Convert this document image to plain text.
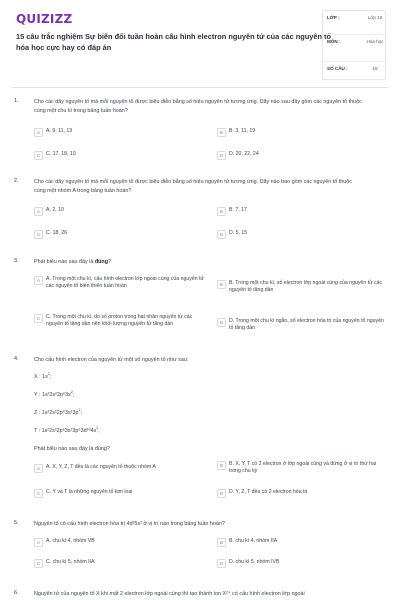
QUIZIZZ
15 câu trắc nghiệm Sự biến đổi tuần hoàn cấu hình electron nguyên tử của các nguyên tố hóa học cực hay có đáp án
LỚP :	Lớp 10
MÔN :	Hóa học
SỐ CÂU :	15
1.	Cho các dãy nguyên tố mà mỗi nguyên tố được biểu diễn bằng số hiệu nguyên tử tương ứng. Dãy nào sau đây gồm các nguyên tố thuộc cùng một chu kì trong bảng tuần hoàn?
A	A. 9, 11, 13	B	B. 3, 11, 19
C	C. 17, 18, 19	D	D. 20, 22, 24
2.	Cho các dãy nguyên tố mà mỗi nguyên tố được biểu diễn bằng số hiệu nguyên tử tương ứng. Dãy nào bao gồm các nguyên tố thuộc cùng một nhóm A trong bảng tuần hoàn?
A	A. 2, 10	B	B. 7, 17
C	C. 18, 26	D	D. 5, 15
3.	Phát biểu nào sau đây là đúng?
A	A. Trong một chu kì, cấu hình electron lớp ngoài cùng của nguyên tử các nguyên tố biến thiên tuần hoàn	B	B. Trong một chu kì, số electron lớp ngoài cùng của nguyên tử các nguyên tố tăng dần
C	C. Trong một chu kì, do số proton trong hạt nhân nguyên tử các nguyên tố tăng dần nên khối lượng nguyên tử tăng dần	D	D. Trong một chu kì ngắn, số electron hóa trị của nguyên tố nguyên tố tăng dần
4.	Cho cấu hình electron của nguyên tử một số nguyên tố như sau:
X : $1s^2$;
Y : $1s^22s^22p^63s^2$;
Z : $1s^22s^22p^63s^23p^2$;
T : $1s^22s^22p^63s^23p^63d^{10}4s^2$;
Phát biểu nào sau đây là đúng?
A	A. X, Y, Z, T đều là các nguyên tố thuộc nhóm A	B	B. X, Y, T có 2 electron ở lớp ngoài cùng và đứng ở vị trí thứ hai trong chu kỳ
C	C. Y và T là những nguyên tố kim loại	D	D. Y, Z, T đều có 2 electron hóa trị
5.	Nguyên tố có cấu hình electron hóa trị 4d²5s² ở vị trí nào trong bảng tuần hoàn?
A	A. chu kì 4, nhóm VB	B	B. chu kì 4, nhóm IIA
C	C. chu kì 5, nhóm IIA	D	D. chu kì 5, nhóm IVB
6.	Nguyên tử của nguyên tố X khi mất 2 electron lớp ngoài cùng thì tạo thành ion X²⁺ có cấu hình electron lớp ngoài
